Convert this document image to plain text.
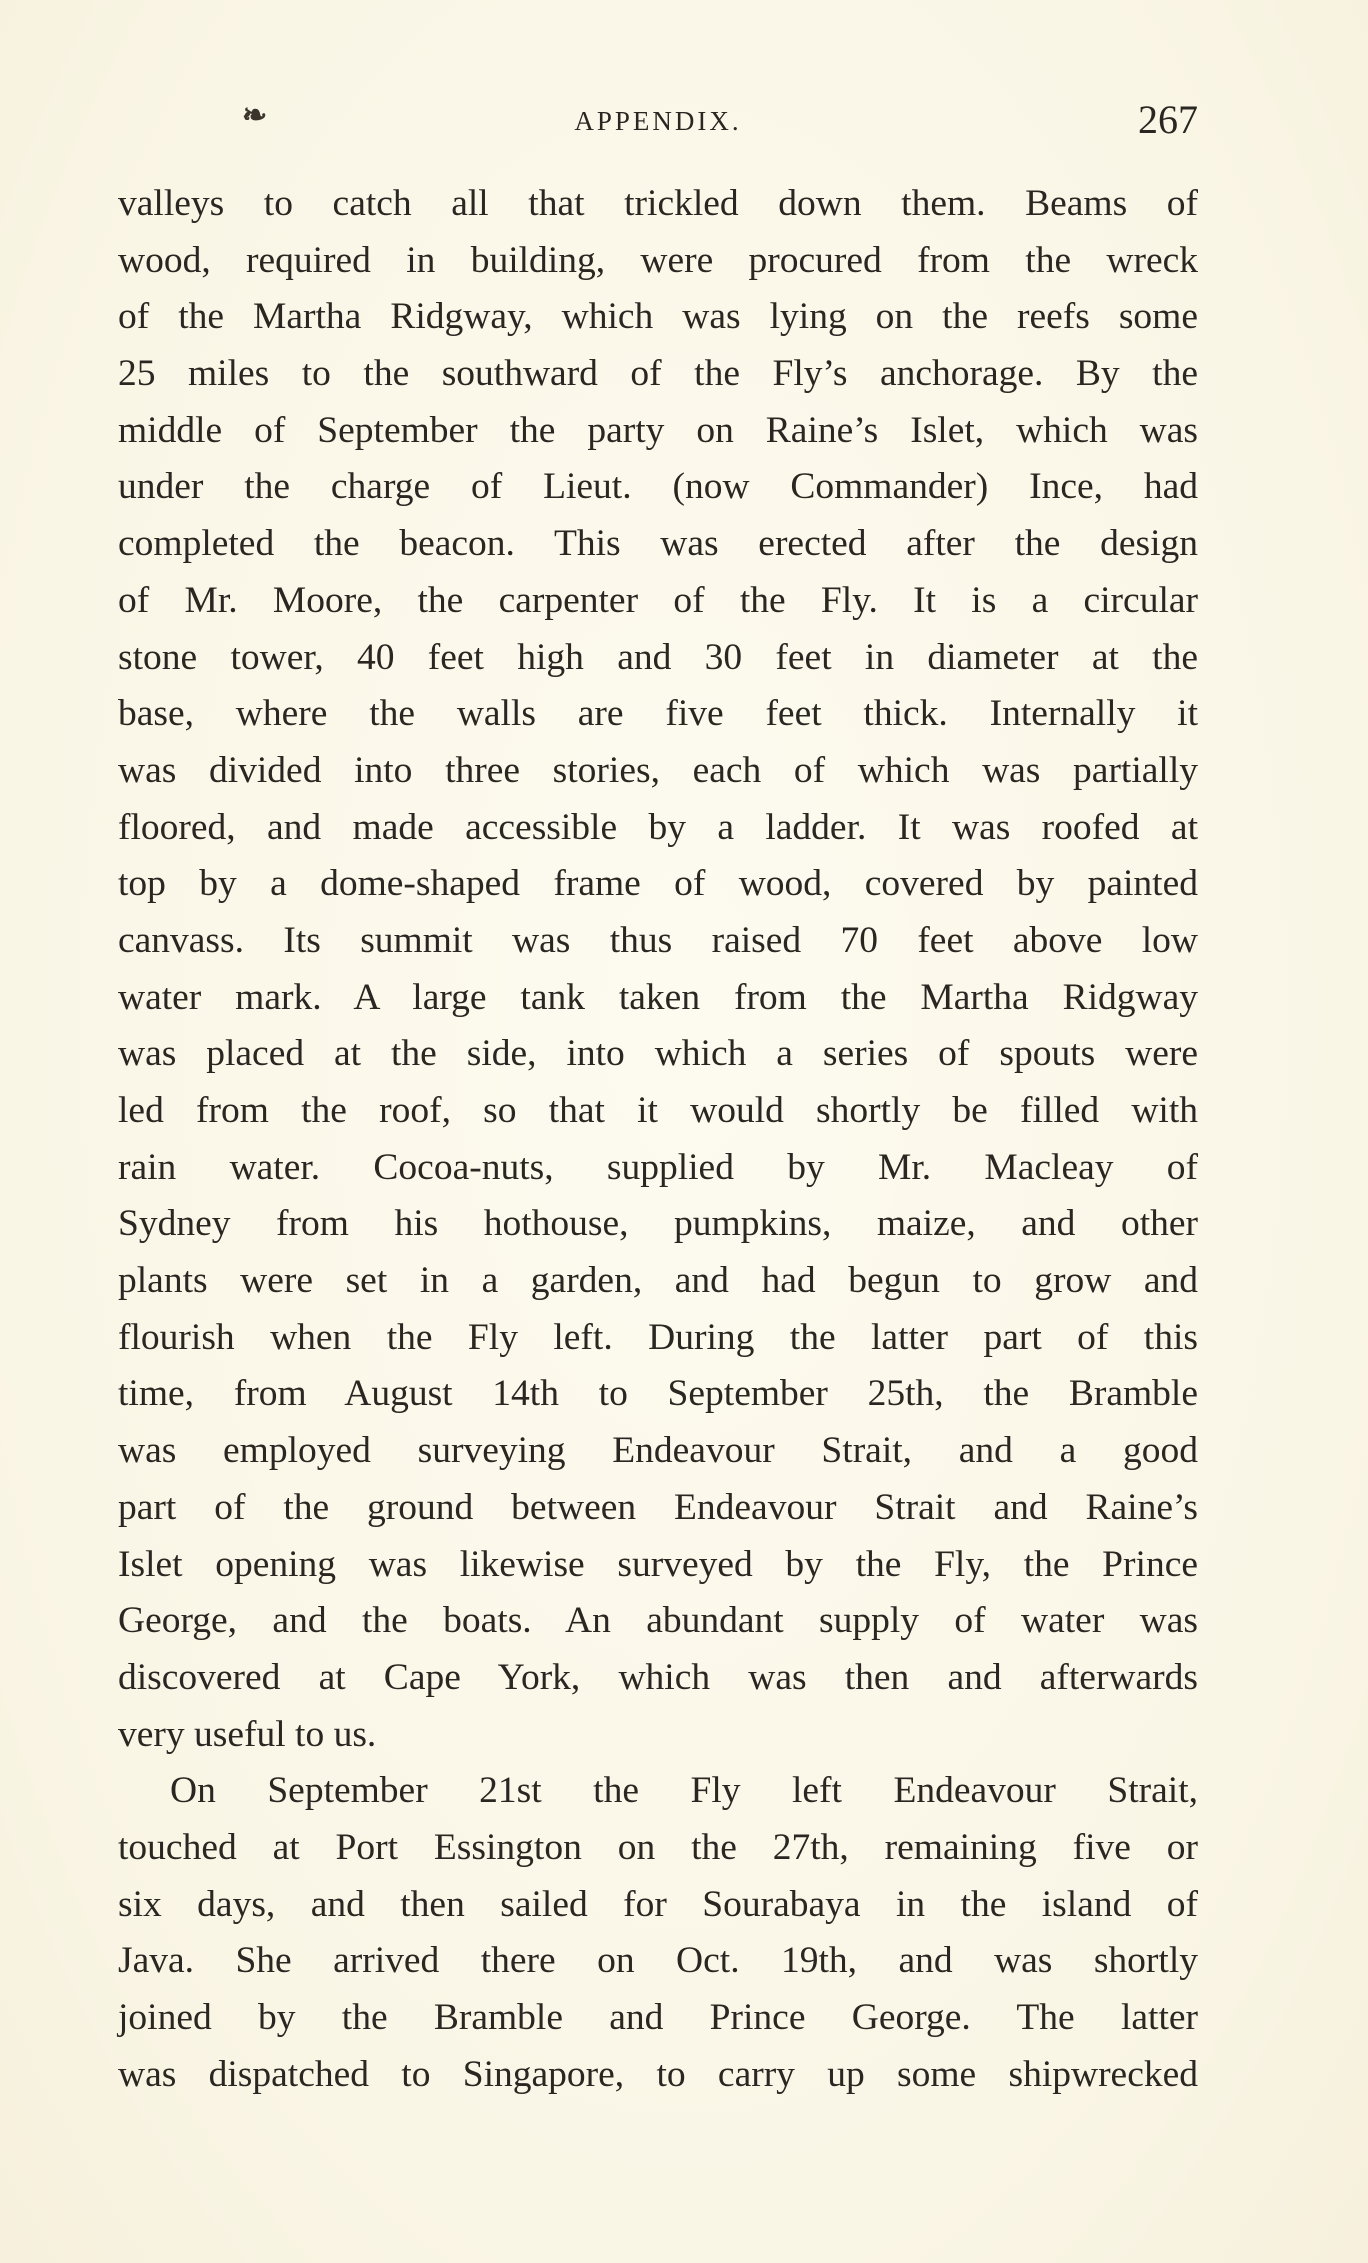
❧	APPENDIX.	267
valleys to catch all that trickled down them. Beams of
wood, required in building, were procured from the wreck
of the Martha Ridgway, which was lying on the reefs some
25 miles to the southward of the Fly’s anchorage. By the
middle of September the party on Raine’s Islet, which was
under the charge of Lieut. (now Commander) Ince, had
completed the beacon. This was erected after the design
of Mr. Moore, the carpenter of the Fly. It is a circular
stone tower, 40 feet high and 30 feet in diameter at the
base, where the walls are five feet thick. Internally it
was divided into three stories, each of which was partially
floored, and made accessible by a ladder. It was roofed at
top by a dome-shaped frame of wood, covered by painted
canvass. Its summit was thus raised 70 feet above low
water mark. A large tank taken from the Martha Ridgway
was placed at the side, into which a series of spouts were
led from the roof, so that it would shortly be filled with
rain water. Cocoa-nuts, supplied by Mr. Macleay of
Sydney from his hothouse, pumpkins, maize, and other
plants were set in a garden, and had begun to grow and
flourish when the Fly left. During the latter part of this
time, from August 14th to September 25th, the Bramble
was employed surveying Endeavour Strait, and a good
part of the ground between Endeavour Strait and Raine’s
Islet opening was likewise surveyed by the Fly, the Prince
George, and the boats. An abundant supply of water was
discovered at Cape York, which was then and afterwards
very useful to us.
On September 21st the Fly left Endeavour Strait,
touched at Port Essington on the 27th, remaining five or
six days, and then sailed for Sourabaya in the island of
Java. She arrived there on Oct. 19th, and was shortly
joined by the Bramble and Prince George. The latter
was dispatched to Singapore, to carry up some shipwrecked
